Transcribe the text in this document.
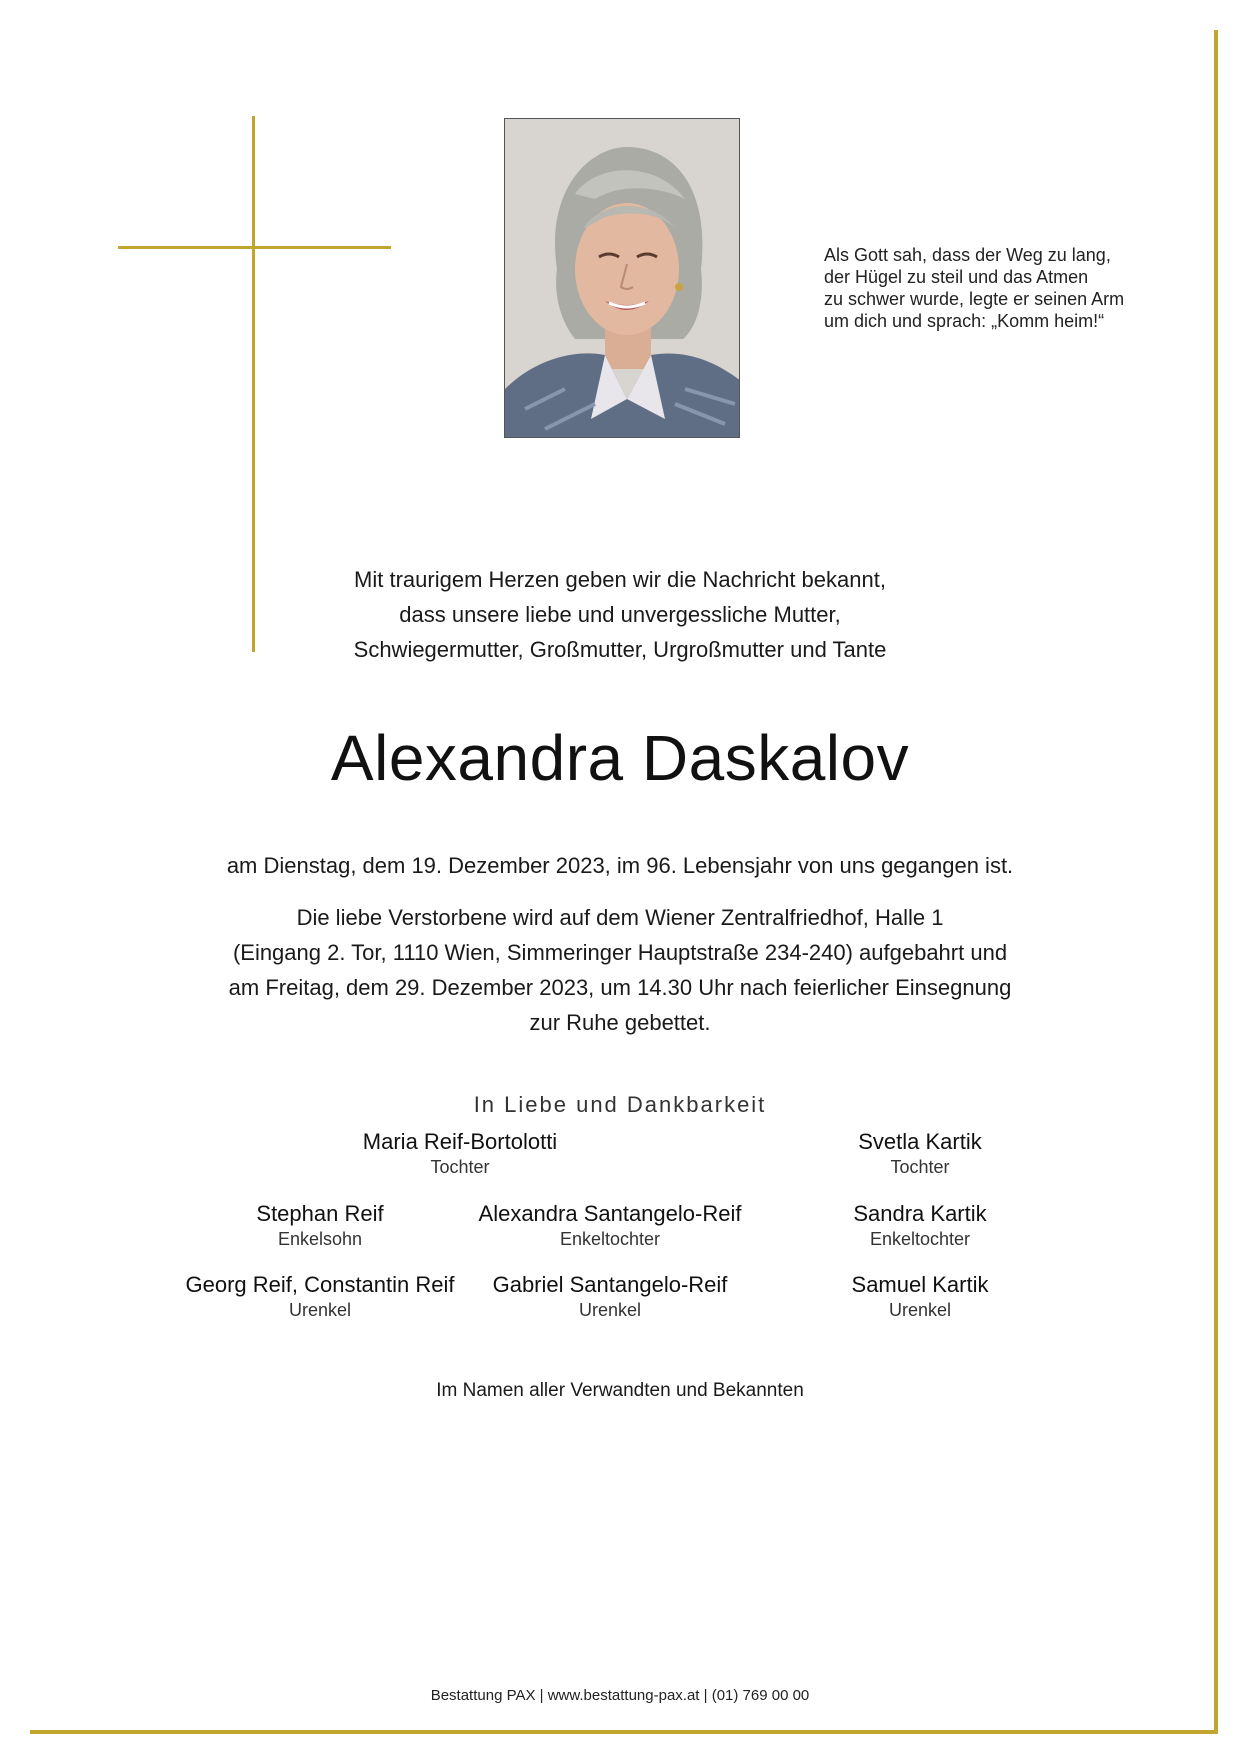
Als Gott sah, dass der Weg zu lang,
der Hügel zu steil und das Atmen
zu schwer wurde, legte er seinen Arm
um dich und sprach: „Komm heim!“
Mit traurigem Herzen geben wir die Nachricht bekannt,
dass unsere liebe und unvergessliche Mutter,
Schwiegermutter, Großmutter, Urgroßmutter und Tante
Alexandra Daskalov
am Dienstag, dem 19. Dezember 2023, im 96. Lebensjahr von uns gegangen ist.
Die liebe Verstorbene wird auf dem Wiener Zentralfriedhof, Halle 1
(Eingang 2. Tor, 1110 Wien, Simmeringer Hauptstraße 234-240) aufgebahrt und
am Freitag, dem 29. Dezember 2023, um 14.30 Uhr nach feierlicher Einsegnung
zur Ruhe gebettet.
In Liebe und Dankbarkeit
Maria Reif-Bortolotti
Tochter
Svetla Kartik
Tochter
Stephan Reif
Enkelsohn
Alexandra Santangelo-Reif
Enkeltochter
Sandra Kartik
Enkeltochter
Georg Reif, Constantin Reif
Urenkel
Gabriel Santangelo-Reif
Urenkel
Samuel Kartik
Urenkel
Im Namen aller Verwandten und Bekannten
Bestattung PAX | www.bestattung-pax.at | (01) 769 00 00
